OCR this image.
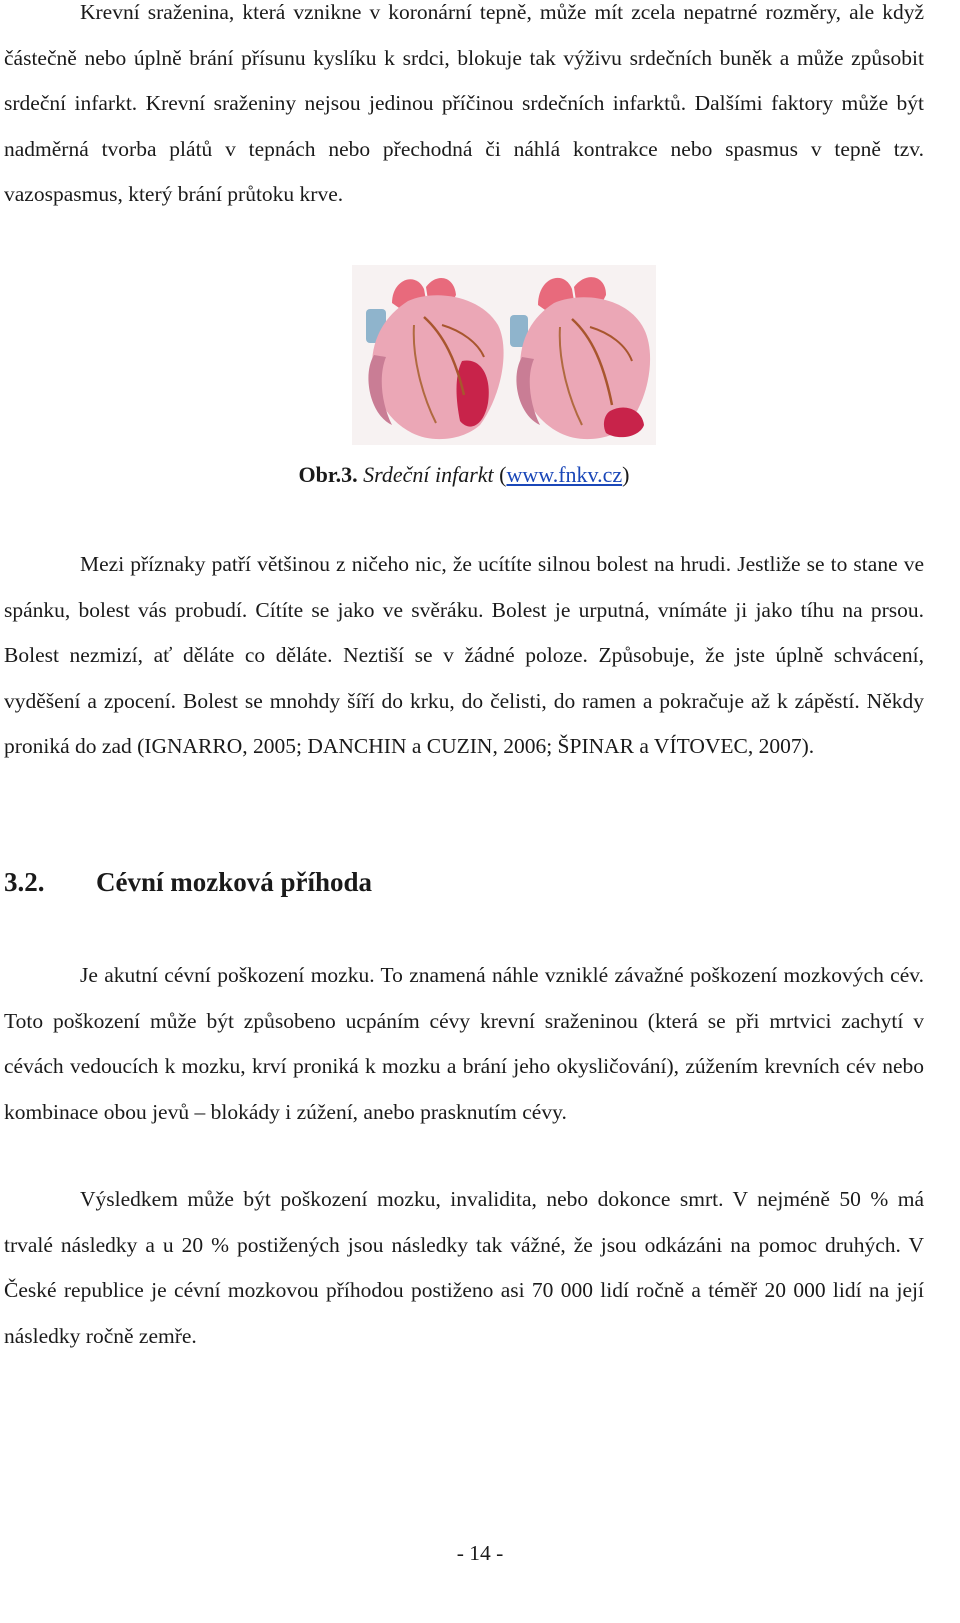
Krevní sraženina, která vznikne v koronární tepně, může mít zcela nepatrné rozměry, ale když částečně nebo úplně brání přísunu kyslíku k srdci, blokuje tak výživu srdečních buněk a může způsobit srdeční infarkt. Krevní sraženiny nejsou jedinou příčinou srdečních infarktů. Dalšími faktory může být nadměrná tvorba plátů v tepnách nebo přechodná či náhlá kontrakce nebo spasmus v tepně tzv. vazospasmus, který brání průtoku krve.

Obr.3. Srdeční infarkt (www.fnkv.cz)

Mezi příznaky patří většinou z ničeho nic, že ucítíte silnou bolest na hrudi. Jestliže se to stane ve spánku, bolest vás probudí. Cítíte se jako ve svěráku. Bolest je urputná, vnímáte ji jako tíhu na prsou. Bolest nezmizí, ať děláte co děláte. Neztiší se v žádné poloze. Způsobuje, že jste úplně schvácení, vyděšení a zpocení. Bolest se mnohdy šíří do krku, do čelisti, do ramen a pokračuje až k zápěstí. Někdy proniká do zad (IGNARRO, 2005; DANCHIN a CUZIN, 2006; ŠPINAR a VÍTOVEC, 2007).

3.2. Cévní mozková příhoda

Je akutní cévní poškození mozku. To znamená náhle vzniklé závažné poškození mozkových cév. Toto poškození může být způsobeno ucpáním cévy krevní sraženinou (která se při mrtvici zachytí v cévách vedoucích k mozku, krví proniká k mozku a brání jeho okysličování), zúžením krevních cév nebo kombinace obou jevů – blokády i zúžení, anebo prasknutím cévy.

Výsledkem může být poškození mozku, invalidita, nebo dokonce smrt. V nejméně 50 % má trvalé následky a u 20 % postižených jsou následky tak vážné, že jsou odkázáni na pomoc druhých. V České republice je cévní mozkovou příhodou postiženo asi 70 000 lidí ročně a téměř 20 000 lidí na její následky ročně zemře.

- 14 -
